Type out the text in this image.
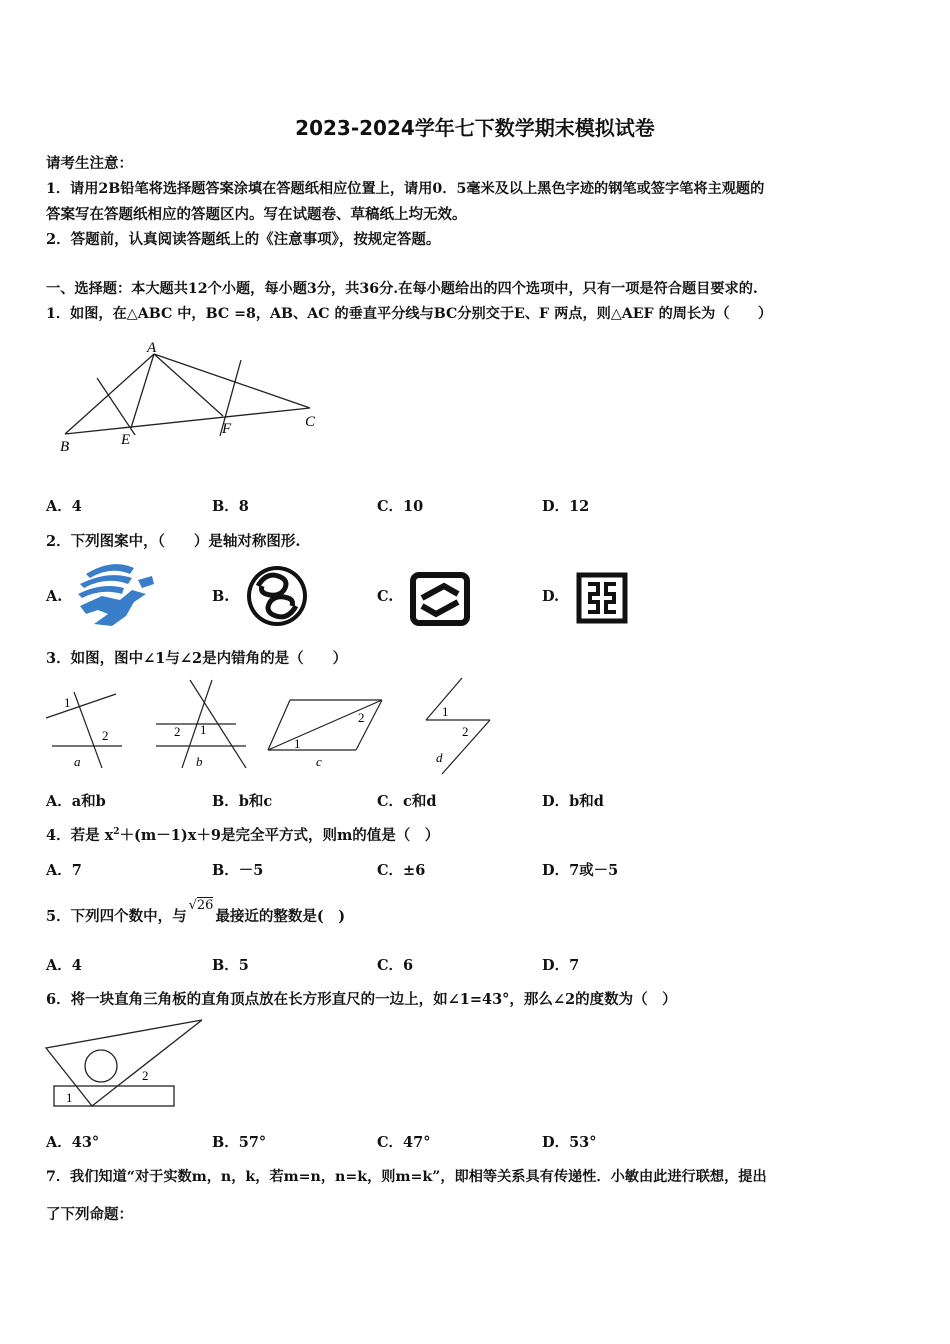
2023-2024学年七下数学期末模拟试卷
请考生注意：
1．请用2B铅笔将选择题答案涂填在答题纸相应位置上，请用0．5毫米及以上黑色字迹的钢笔或签字笔将主观题的
答案写在答题纸相应的答题区内。写在试题卷、草稿纸上均无效。
2．答题前，认真阅读答题纸上的《注意事项》，按规定答题。
一、选择题：本大题共12个小题，每小题3分，共36分.在每小题给出的四个选项中，只有一项是符合题目要求的.
1．如图，在△ABC 中，BC =8，AB、AC 的垂直平分线与BC分别交于E、F 两点，则△AEF 的周长为（　　）
A
B
C
E
F
A．4	B．8	C．10	D．12
2．下列图案中，（　　）是轴对称图形.
A.	B.	C.	D.
3．如图，图中∠1与∠2是内错角的是（　　）
1
2
a
2 1
b
1
2
c
1
2
d
A．a和b	B．b和c	C．c和d	D．b和d
4．若是 $x^2+(m-1)x+9$是完全平方式，则m的值是（　）
A．7	B．－5	C．±6	D．7或－5
5．下列四个数中，与√26最接近的整数是(　)
A．4	B．5	C．6	D．7
6．将一块直角三角板的直角顶点放在长方形直尺的一边上，如∠1=43°，那么∠2的度数为（　）
1
2
A．43°	B．57°	C．47°	D．53°
7．我们知道“对于实数m，n，k，若m=n，n=k，则m=k”，即相等关系具有传递性．小敏由此进行联想，提出
了下列命题：
